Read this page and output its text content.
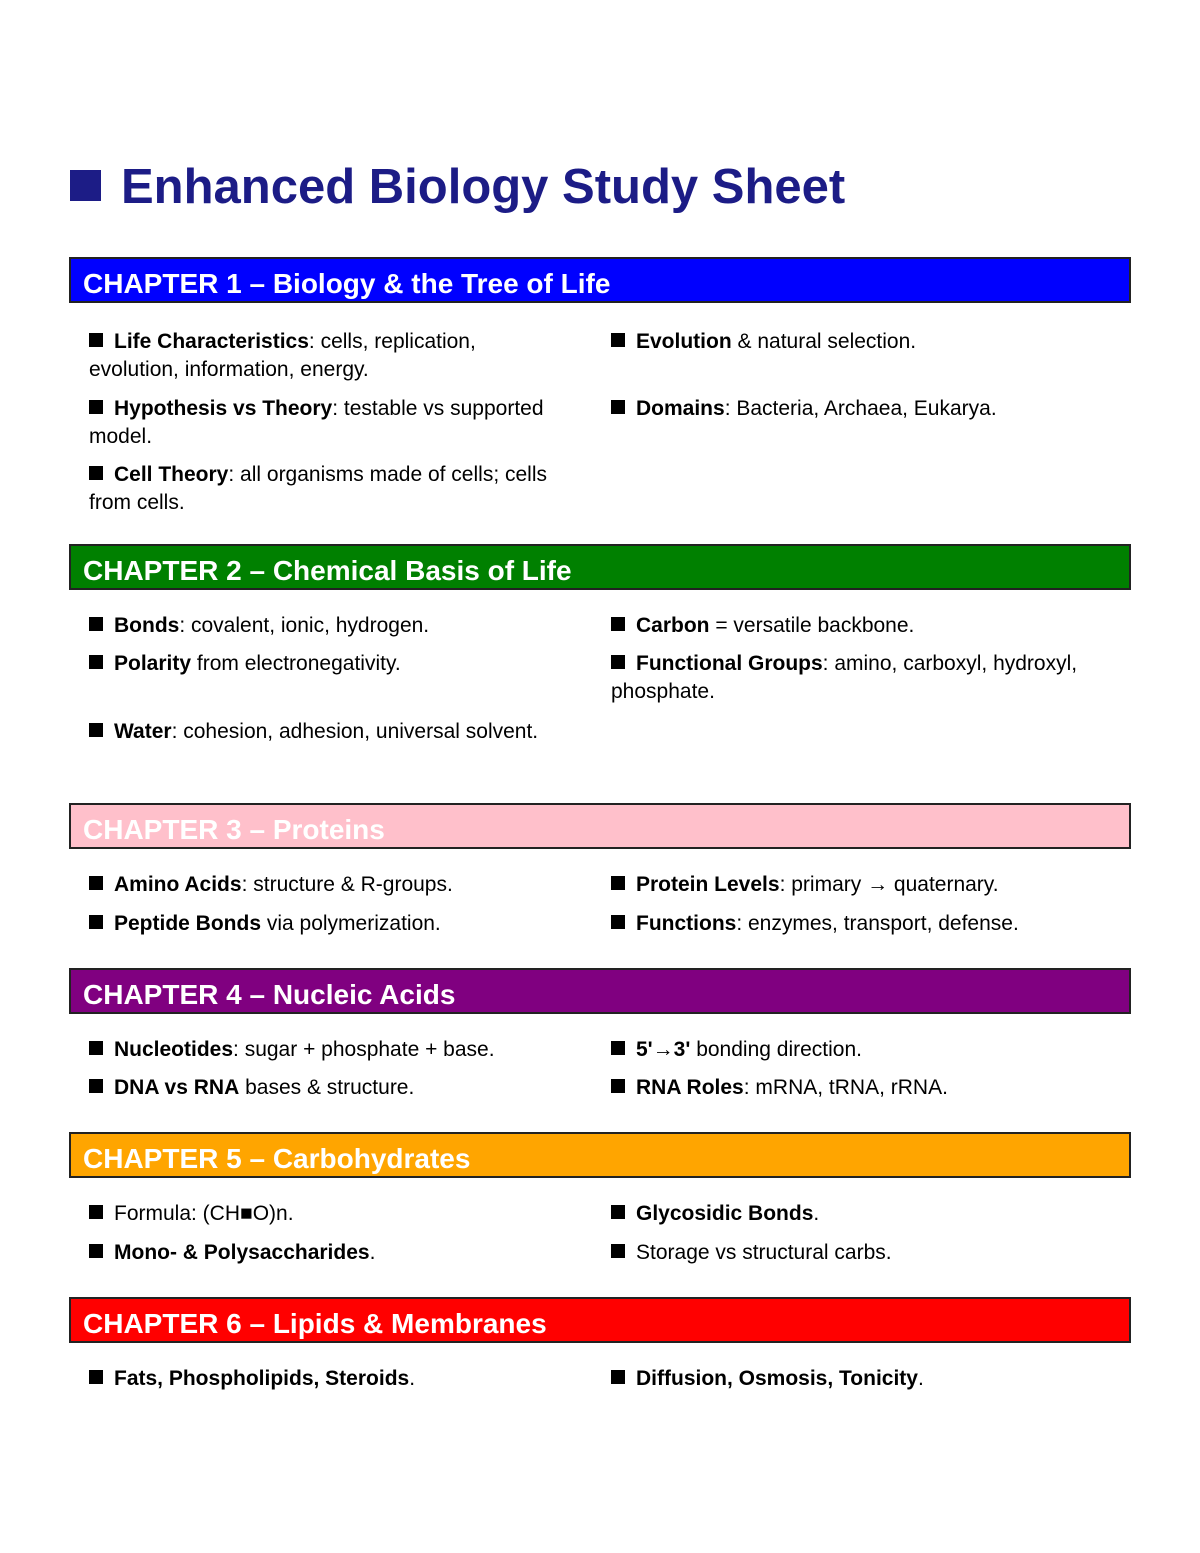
Enhanced Biology Study Sheet
CHAPTER 1 – Biology & the Tree of Life
Life Characteristics: cells, replication, evolution, information, energy.
Hypothesis vs Theory: testable vs supported model.
Cell Theory: all organisms made of cells; cells from cells.
Evolution & natural selection.
Domains: Bacteria, Archaea, Eukarya.
CHAPTER 2 – Chemical Basis of Life
Bonds: covalent, ionic, hydrogen.
Polarity from electronegativity.
Water: cohesion, adhesion, universal solvent.
Carbon = versatile backbone.
Functional Groups: amino, carboxyl, hydroxyl, phosphate.
CHAPTER 3 – Proteins
Amino Acids: structure & R-groups.
Peptide Bonds via polymerization.
Protein Levels: primary → quaternary.
Functions: enzymes, transport, defense.
CHAPTER 4 – Nucleic Acids
Nucleotides: sugar + phosphate + base.
DNA vs RNA bases & structure.
5'→3' bonding direction.
RNA Roles: mRNA, tRNA, rRNA.
CHAPTER 5 – Carbohydrates
Formula: (CH■O)n.
Mono- & Polysaccharides.
Glycosidic Bonds.
Storage vs structural carbs.
CHAPTER 6 – Lipids & Membranes
Fats, Phospholipids, Steroids.	Diffusion, Osmosis, Tonicity.
